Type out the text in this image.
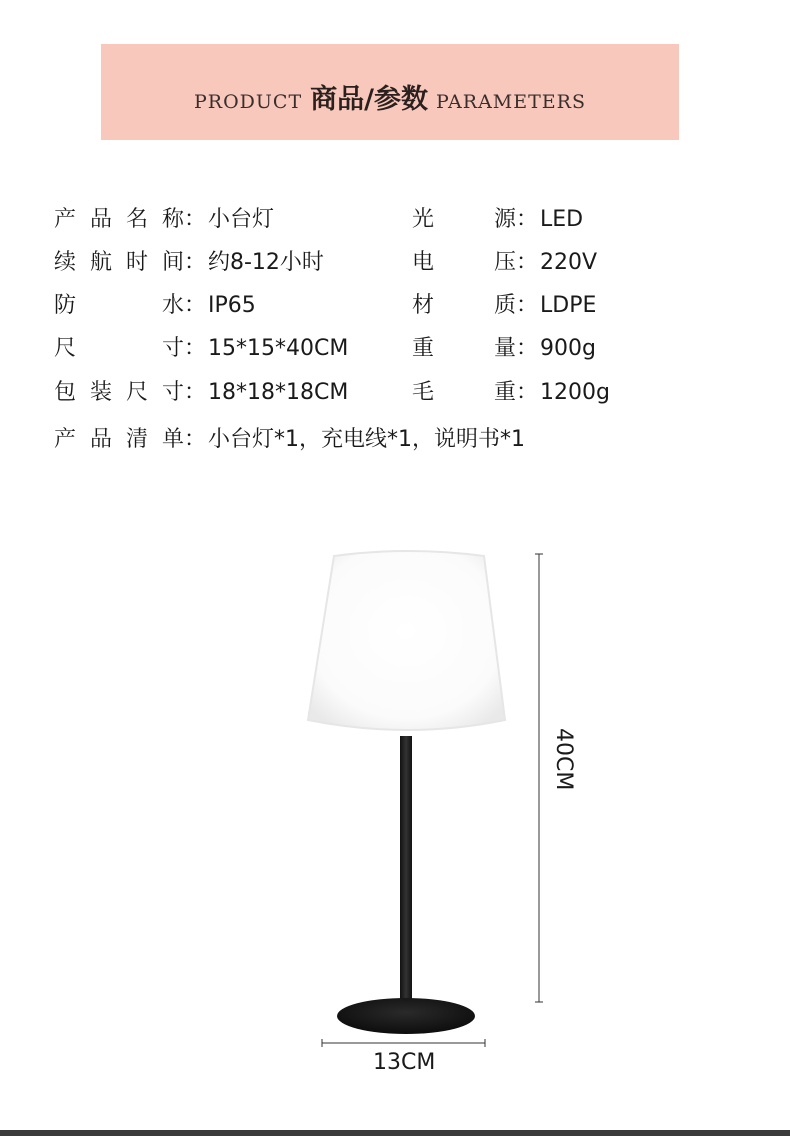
PRODUCT 商品/参数 PARAMETERS
产品名称：小台灯
续航时间：约8-12小时
防水：IP65
尺寸：15*15*40CM
包装尺寸：18*18*18CM
产品清单：小台灯*1，充电线*1，说明书*1
光源：LED
电压：220V
材质：LDPE
重量：900g
毛重：1200g
40CM
13CM
